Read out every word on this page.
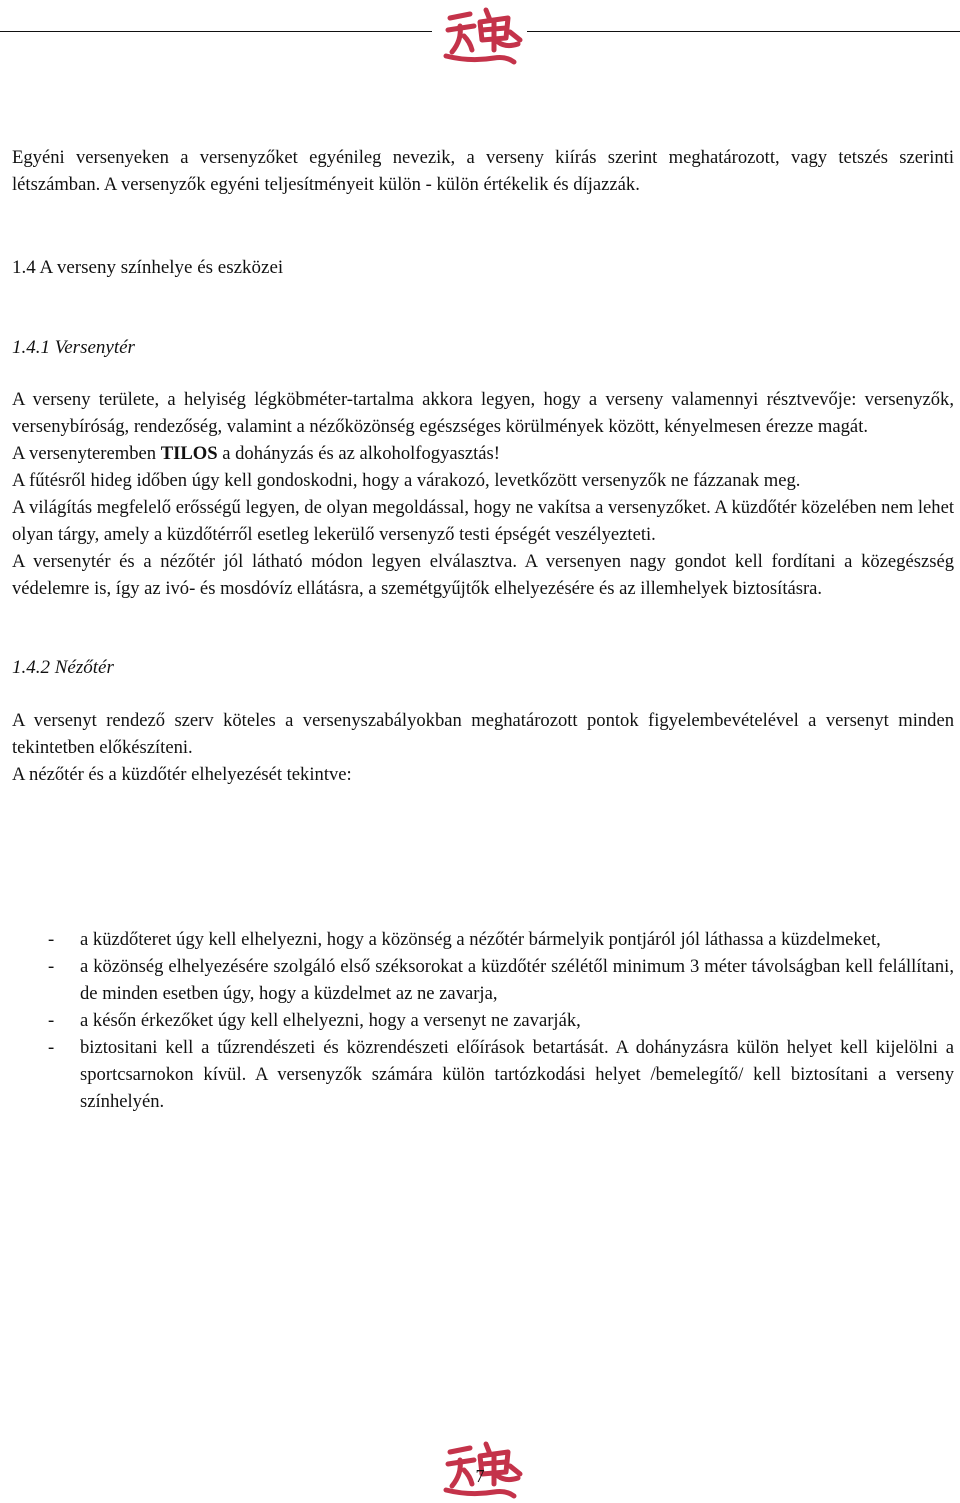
Egyéni versenyeken a versenyzőket egyénileg nevezik, a verseny kiírás szerint meghatározott, vagy tetszés szerinti létszámban. A versenyzők egyéni teljesítményeit külön - külön értékelik és díjazzák.

1.4 A verseny színhelye és eszközei

1.4.1 Versenytér

A verseny területe, a helyiség légköbméter-tartalma akkora legyen, hogy a verseny valamennyi résztvevője: versenyzők, versenybíróság, rendezőség, valamint a nézőközönség egészséges körülmények között, kényelmesen érezze magát.

A versenyteremben TILOS a dohányzás és az alkoholfogyasztás!

A fűtésről hideg időben úgy kell gondoskodni, hogy a várakozó, levetkőzött versenyzők ne fázzanak meg.

A világítás megfelelő erősségű legyen, de olyan megoldással, hogy ne vakítsa a versenyzőket. A küzdőtér közelében nem lehet olyan tárgy, amely a küzdőtérről esetleg lekerülő versenyző testi épségét veszélyezteti.

A versenytér és a nézőtér jól látható módon legyen elválasztva. A versenyen nagy gondot kell fordítani a közegészség védelemre is, így az ivó- és mosdóvíz ellátásra, a szemétgyűjtők elhelyezésére és az illemhelyek biztosításra.

1.4.2 Nézőtér

A versenyt rendező szerv köteles a versenyszabályokban meghatározott pontok figyelembevételével a versenyt minden tekintetben előkészíteni.

A nézőtér és a küzdőtér elhelyezését tekintve:

- a küzdőteret úgy kell elhelyezni, hogy a közönség a nézőtér bármelyik pontjáról jól láthassa a küzdelmeket,
- a közönség elhelyezésére szolgáló első széksorokat a küzdőtér szélétől minimum 3 méter távolságban kell felállítani, de minden esetben úgy, hogy a küzdelmet az ne zavarja,
- a későn érkezőket úgy kell elhelyezni, hogy a versenyt ne zavarják,
- biztositani kell a tűzrendészeti és közrendészeti előírások betartását. A dohányzásra külön helyet kell kijelölni a sportcsarnokon kívül. A versenyzők számára külön tartózkodási helyet /bemelegítő/ kell biztosítani a verseny színhelyén.
7
